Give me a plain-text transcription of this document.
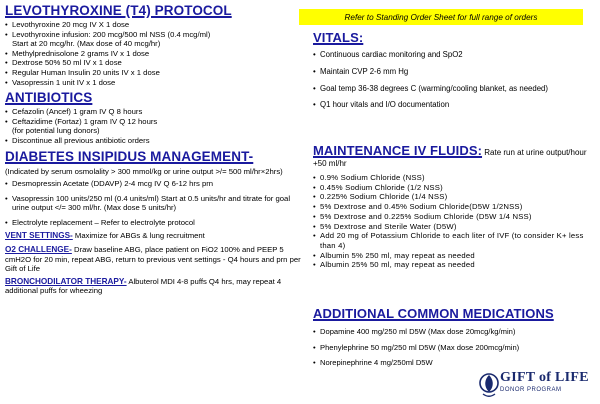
Refer to Standing Order Sheet for full range of orders
LEVOTHYROXINE (T4) PROTOCOL
• Levothyroxine 20 mcg IV X 1 dose
• Levothyroxine infusion: 200 mcg/500 ml NSS (0.4 mcg/ml)
Start at 20 mcg/hr. (Max dose of 40 mcg/hr)
• Methylprednisolone 2 grams IV x 1 dose
• Dextrose 50% 50 ml IV x 1 dose
• Regular Human Insulin 20 units IV x 1 dose
• Vasopressin 1 unit IV x 1 dose
ANTIBIOTICS
• Cefazolin (Ancef) 1 gram IV Q 8 hours
• Ceftazidime (Fortaz) 1 gram IV Q 12 hours
(for potential lung donors)
• Discontinue all previous antibiotic orders
DIABETES INSIPIDUS MANAGEMENT-
(Indicated by serum osmolality > 300 mmol/kg or urine output >/= 500 ml/hr×2hrs)
• Desmopressin Acetate (DDAVP) 2-4 mcg IV Q 6-12 hrs prn
• Vasopressin 100 units/250 ml (0.4 units/ml) Start at 0.5 units/hr and titrate for goal urine output </= 300 ml/hr. (Max dose 5 units/hr)
• Electrolyte replacement – Refer to electrolyte protocol
VENT SETTINGS- Maximize for ABGs & lung recruitment
O2 CHALLENGE- Draw baseline ABG, place patient on FiO2 100% and PEEP 5 cmH2O for 20 min, repeat ABG, return to previous vent settings - Q4 hours and prn per Gift of Life
BRONCHODILATOR THERAPY- Albuterol MDI 4-8 puffs Q4 hrs, may repeat 4 additional puffs for wheezing
VITALS:
• Continuous cardiac monitoring and SpO2
• Maintain CVP 2-6 mm Hg
• Goal temp 36-38 degrees C (warming/cooling blanket, as needed)
• Q1 hour vitals and I/O documentation
MAINTENANCE IV FLUIDS: Rate run at urine output/hour +50 ml/hr
• 0.9% Sodium Chloride (NSS)
• 0.45% Sodium Chloride (1/2 NSS)
• 0.225% Sodium Chloride (1/4 NSS)
• 5% Dextrose and 0.45% Sodium Chloride(D5W 1/2NSS)
• 5% Dextrose and 0.225% Sodium Chloride (D5W 1/4 NSS)
• 5% Dextrose and Sterile Water (D5W)
• Add 20 mg of Potassium Chloride to each liter of IVF (to consider K+ less than 4)
• Albumin 5% 250 ml, may repeat as needed
• Albumin 25% 50 ml, may repeat as needed
ADDITIONAL COMMON MEDICATIONS
• Dopamine 400 mg/250 ml D5W (Max dose 20mcg/kg/min)
• Phenylephrine 50 mg/250 ml D5W (Max dose 200mcg/min)
• Norepinephrine 4 mg/250ml D5W
GIFT of LIFE
DONOR PROGRAM
